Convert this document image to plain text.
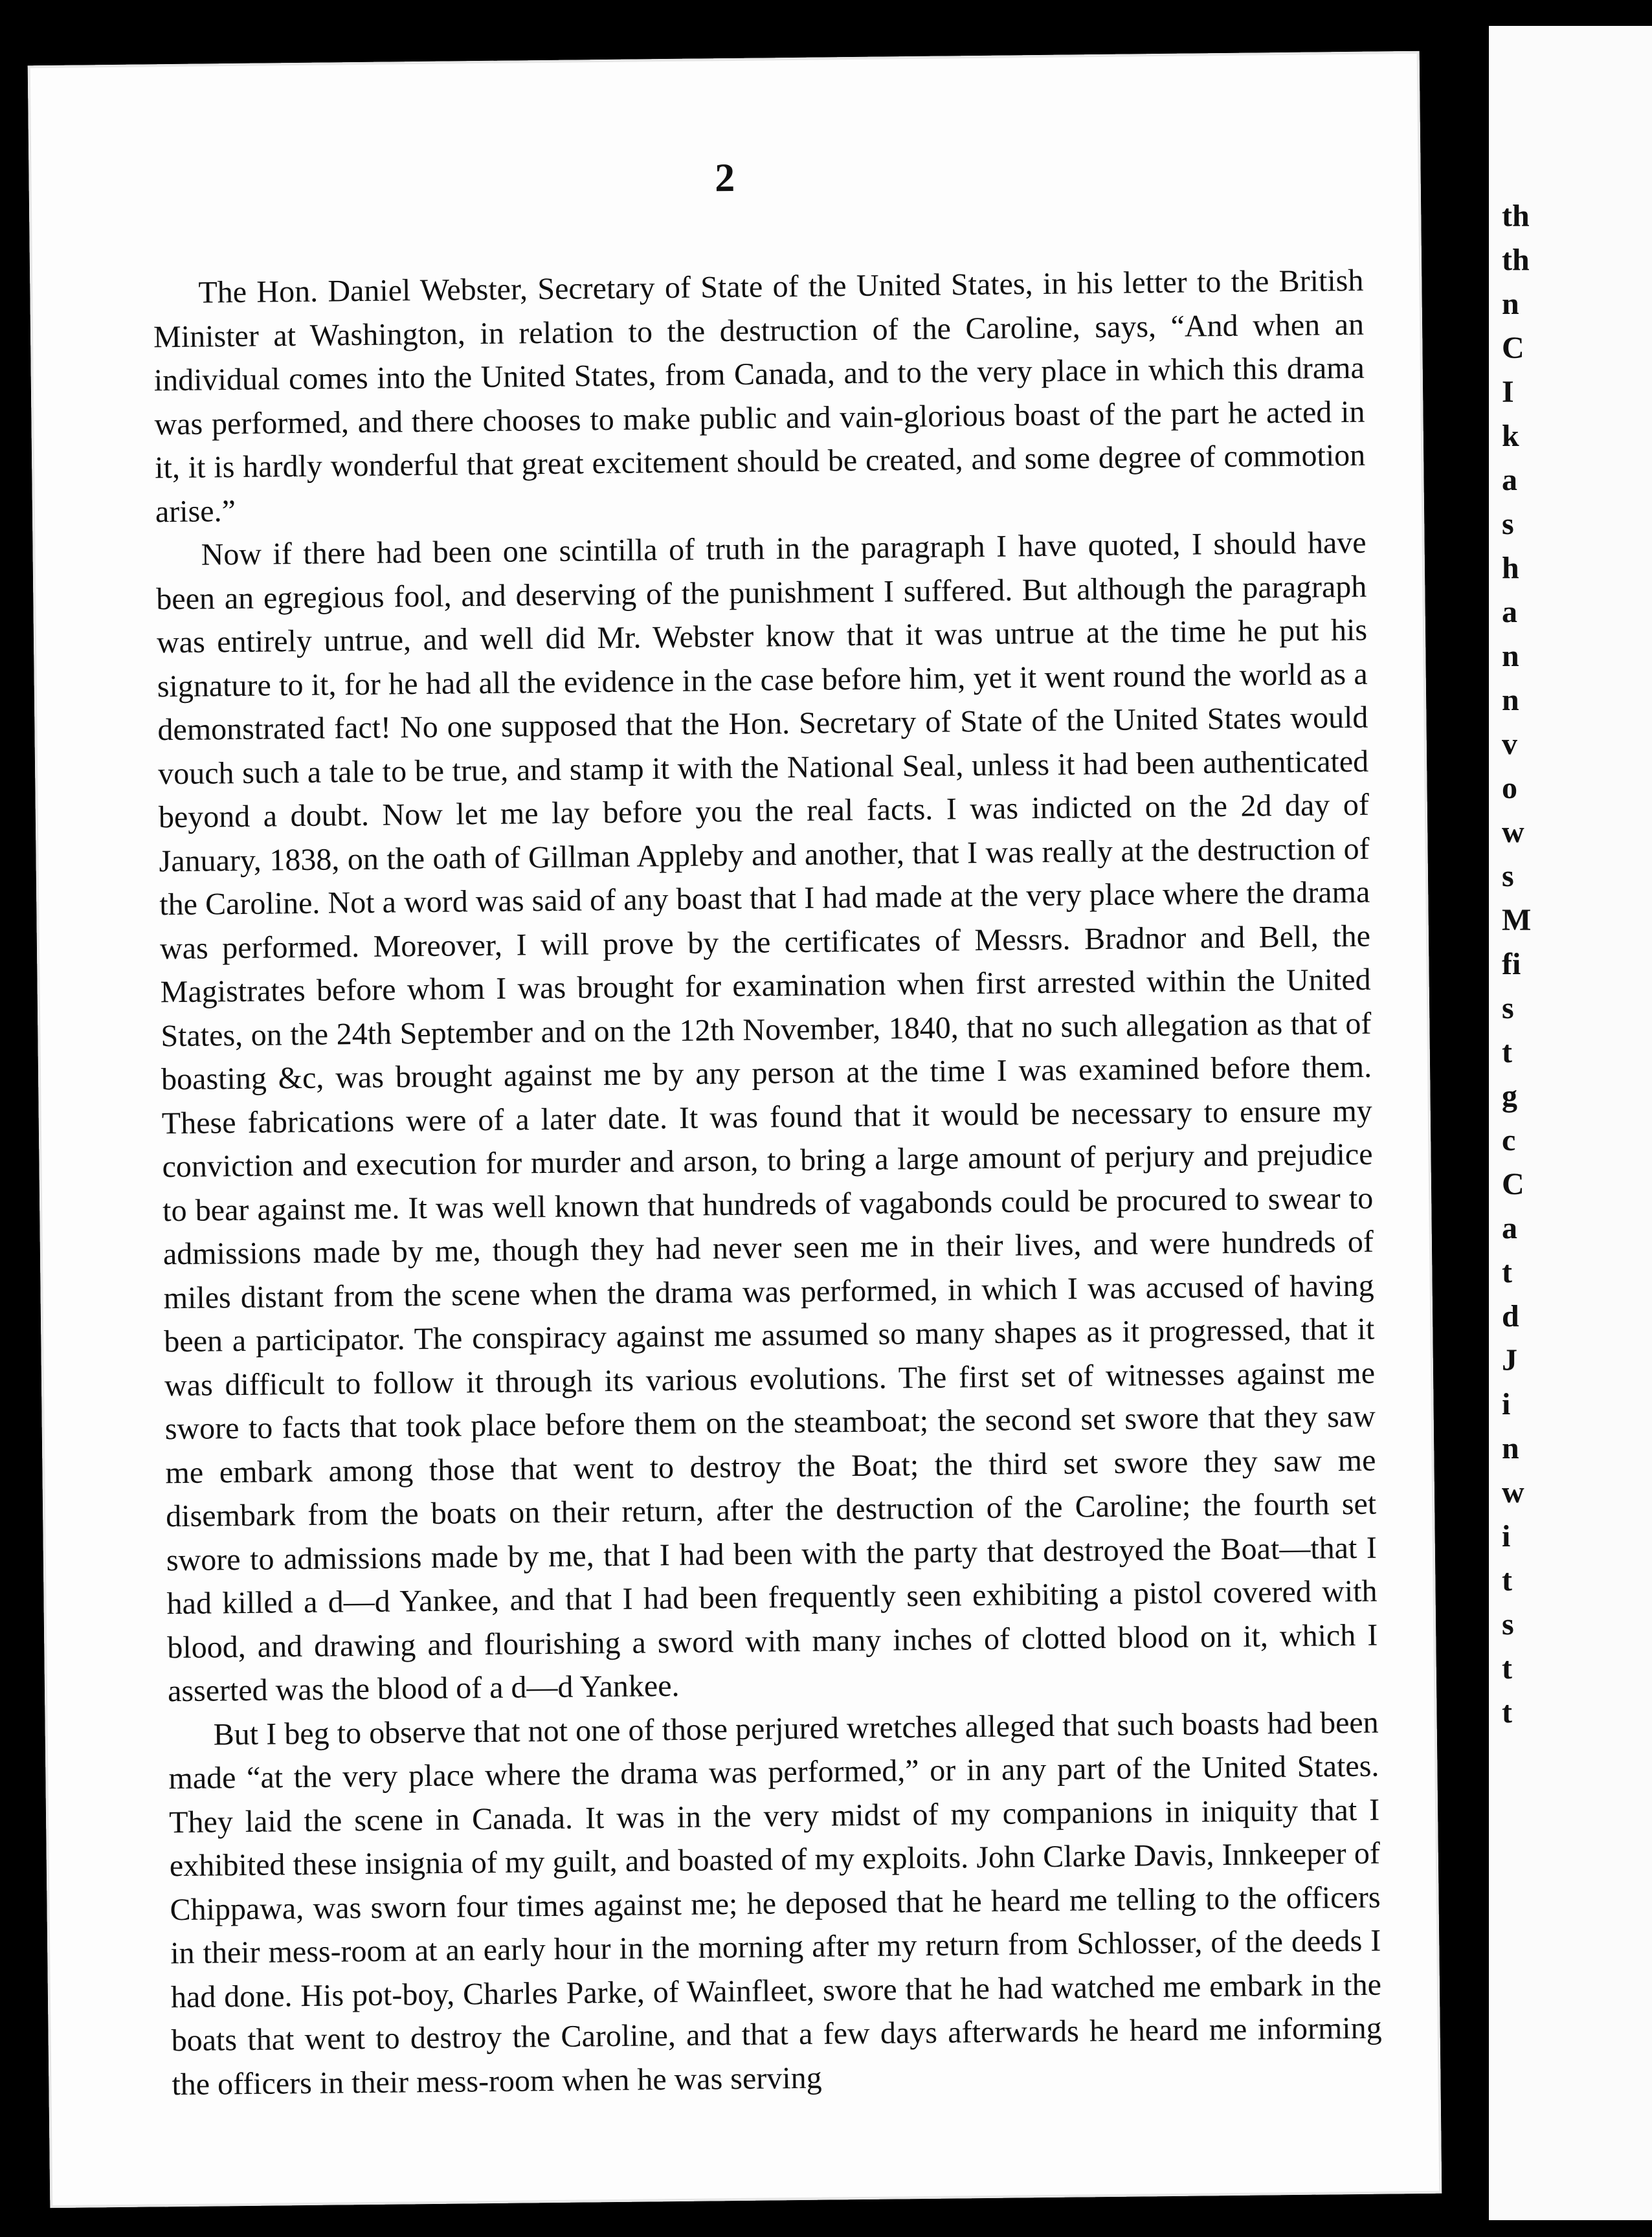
2

The Hon. Daniel Webster, Secretary of State of the United States, in his letter to the British Minister at Washington, in relation to the destruction of the Caroline, says, “And when an individual comes into the United States, from Canada, and to the very place in which this drama was performed, and there chooses to make public and vain-glorious boast of the part he acted in it, it is hardly wonderful that great excitement should be created, and some degree of commotion arise.”

Now if there had been one scintilla of truth in the paragraph I have quoted, I should have been an egregious fool, and deserving of the punishment I suffered. But although the paragraph was entirely untrue, and well did Mr. Webster know that it was untrue at the time he put his signature to it, for he had all the evidence in the case before him, yet it went round the world as a demonstrated fact! No one supposed that the Hon. Secretary of State of the United States would vouch such a tale to be true, and stamp it with the National Seal, unless it had been authenticated beyond a doubt. Now let me lay before you the real facts. I was indicted on the 2d day of January, 1838, on the oath of Gillman Appleby and another, that I was really at the destruction of the Caroline. Not a word was said of any boast that I had made at the very place where the drama was performed. Moreover, I will prove by the certificates of Messrs. Bradnor and Bell, the Magistrates before whom I was brought for examination when first arrested within the United States, on the 24th September and on the 12th November, 1840, that no such allegation as that of boasting &c, was brought against me by any person at the time I was examined before them. These fabrications were of a later date. It was found that it would be necessary to ensure my conviction and execution for murder and arson, to bring a large amount of perjury and prejudice to bear against me. It was well known that hundreds of vagabonds could be procured to swear to admissions made by me, though they had never seen me in their lives, and were hundreds of miles distant from the scene when the drama was performed, in which I was accused of having been a participator. The conspiracy against me assumed so many shapes as it progressed, that it was difficult to follow it through its various evolutions. The first set of witnesses against me swore to facts that took place before them on the steamboat; the second set swore that they saw me embark among those that went to destroy the Boat; the third set swore they saw me disembark from the boats on their return, after the destruction of the Caroline; the fourth set swore to admissions made by me, that I had been with the party that destroyed the Boat—that I had killed a d—d Yankee, and that I had been frequently seen exhibiting a pistol covered with blood, and drawing and flourishing a sword with many inches of clotted blood on it, which I asserted was the blood of a d—d Yankee.

But I beg to observe that not one of those perjured wretches alleged that such boasts had been made “at the very place where the drama was performed,” or in any part of the United States. They laid the scene in Canada. It was in the very midst of my companions in iniquity that I exhibited these insignia of my guilt, and boasted of my exploits. John Clarke Davis, Innkeeper of Chippawa, was sworn four times against me; he deposed that he heard me telling to the officers in their mess-room at an early hour in the morning after my return from Schlosser, of the deeds I had done. His pot-boy, Charles Parke, of Wainfleet, swore that he had watched me embark in the boats that went to destroy the Caroline, and that a few days afterwards he heard me informing the officers in their mess-room when he was serving

th
th
n
C
I
k
a
s
h
a
n
n
v
o
w
s
M
fi
s
t
g
c
C
a
t
d
J
i
n
w
i
t
s
t
t
